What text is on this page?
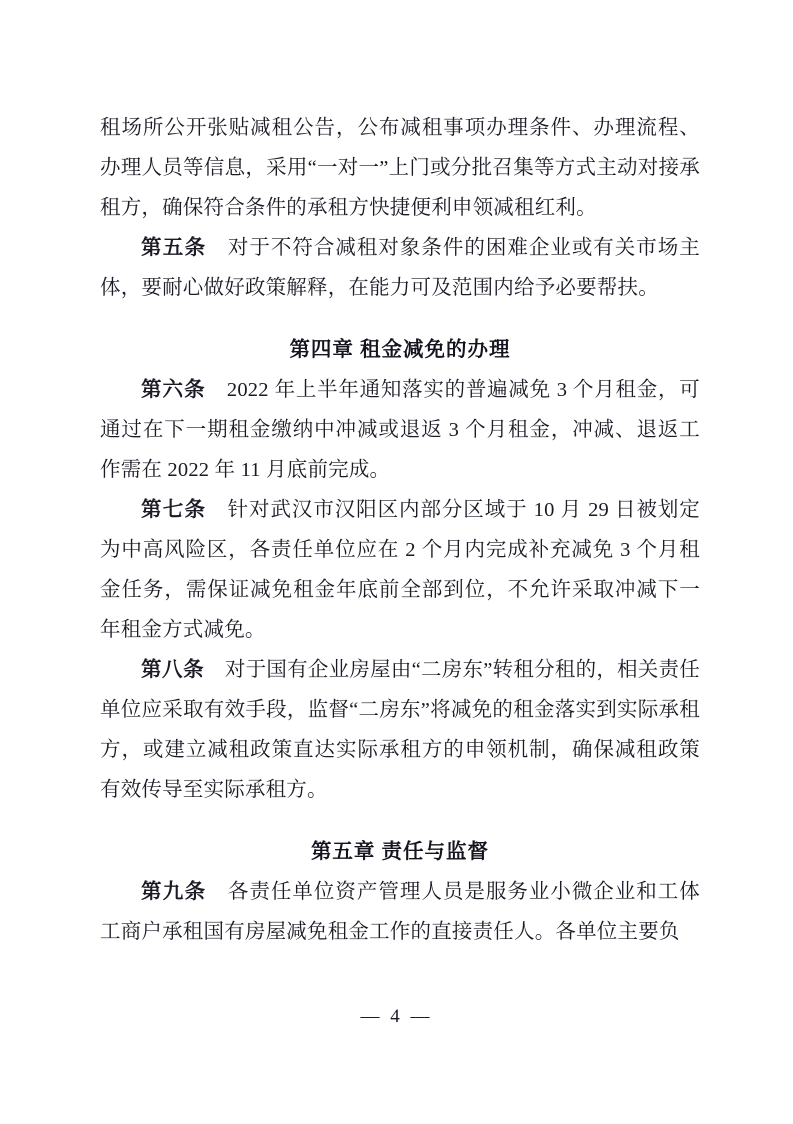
租场所公开张贴减租公告，公布减租事项办理条件、办理流程、办理人员等信息，采用“一对一”上门或分批召集等方式主动对接承租方，确保符合条件的承租方快捷便利申领减租红利。

第五条　对于不符合减租对象条件的困难企业或有关市场主体，要耐心做好政策解释，在能力可及范围内给予必要帮扶。

第四章 租金减免的办理

第六条　2022 年上半年通知落实的普遍减免 3 个月租金，可通过在下一期租金缴纳中冲减或退返 3 个月租金，冲减、退返工作需在 2022 年 11 月底前完成。

第七条　针对武汉市汉阳区内部分区域于 10 月 29 日被划定为中高风险区，各责任单位应在 2 个月内完成补充减免 3 个月租金任务，需保证减免租金年底前全部到位，不允许采取冲减下一年租金方式减免。

第八条　对于国有企业房屋由“二房东”转租分租的，相关责任单位应采取有效手段，监督“二房东”将减免的租金落实到实际承租方，或建立减租政策直达实际承租方的申领机制，确保减租政策有效传导至实际承租方。

第五章 责任与监督

第九条　各责任单位资产管理人员是服务业小微企业和工体工商户承租国有房屋减免租金工作的直接责任人。各单位主要负

— 4 —
